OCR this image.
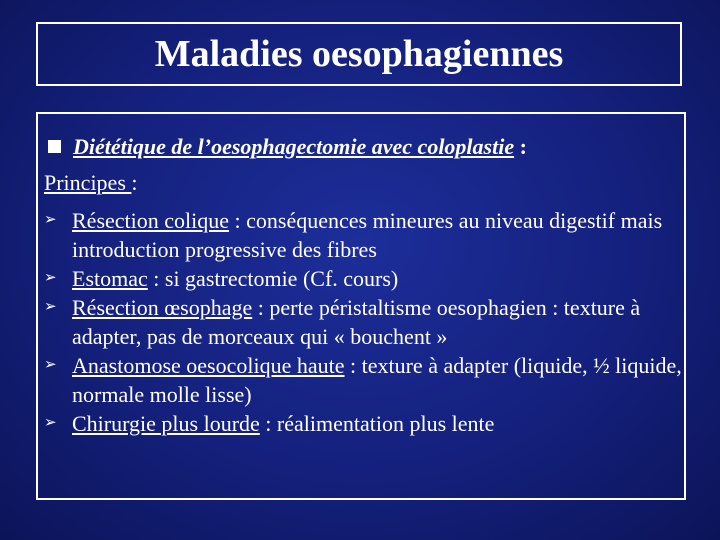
Maladies oesophagiennes
Diététique de l’oesophagectomie avec coloplastie :
Principes :
➢ Résection colique : conséquences mineures au niveau digestif mais introduction progressive des fibres
➢ Estomac : si gastrectomie (Cf. cours)
➢ Résection œsophage : perte péristaltisme oesophagien : texture à adapter, pas de morceaux qui « bouchent »
➢ Anastomose oesocolique haute : texture à adapter (liquide, ½ liquide, normale molle lisse)
➢ Chirurgie plus lourde : réalimentation plus lente
